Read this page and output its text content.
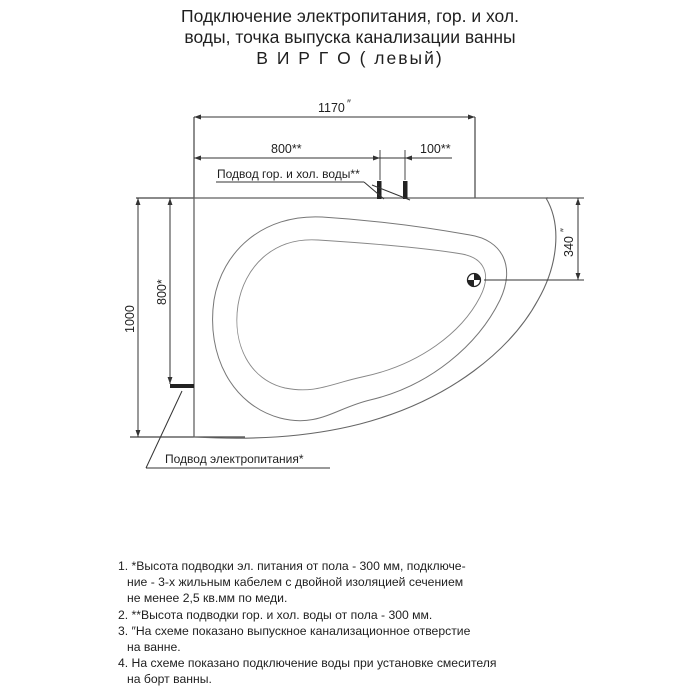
Подключение электропитания, гор. и хол.
воды, точка выпуска канализации ванны
В И Р Г О ( левый)
1170 ″
800**	100**
Подвод гор. и хол. воды**
1000
800*
340
″
Подвод электропитания*
1. *Высота подводки эл. питания от пола - 300 мм, подключе-
ние - 3-х жильным кабелем с двойной изоляцией сечением
не менее 2,5 кв.мм по меди.
2. **Высота подводки гор. и хол. воды от пола - 300 мм.
3. ″На схеме показано выпускное канализационное отверстие
на ванне.
4. На схеме показано подключение воды при установке смесителя
на борт ванны.
